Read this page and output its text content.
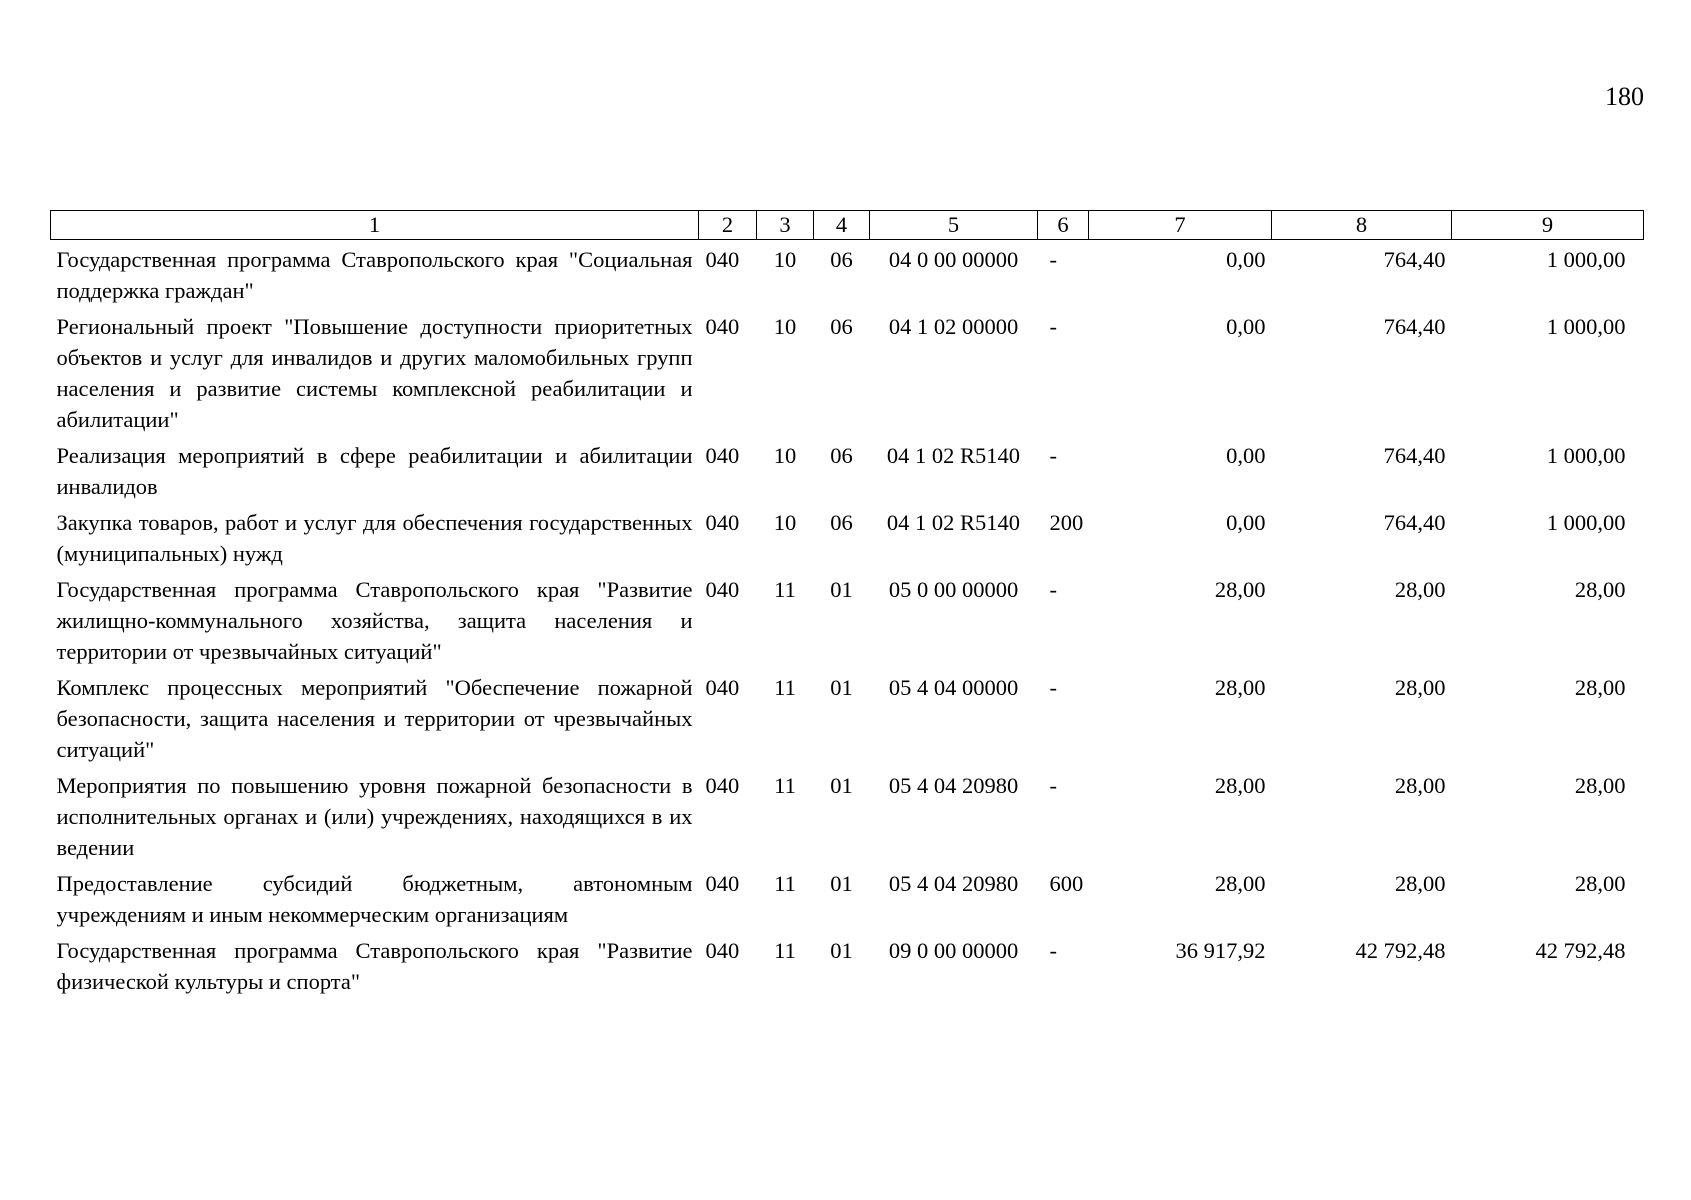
180
1	2	3	4	5	6	7	8	9
Государственная программа Ставропольского края "Социальная поддержка граждан"	040	10	06	04 0 00 00000	-	0,00	764,40	1 000,00
Региональный проект "Повышение доступности приоритетных объектов и услуг для инвалидов и других маломобильных групп населения и развитие системы комплексной реабилитации и абилитации"	040	10	06	04 1 02 00000	-	0,00	764,40	1 000,00
Реализация мероприятий в сфере реабилитации и абилитации инвалидов	040	10	06	04 1 02 R5140	-	0,00	764,40	1 000,00
Закупка товаров, работ и услуг для обеспечения государственных (муниципальных) нужд	040	10	06	04 1 02 R5140	200	0,00	764,40	1 000,00
Государственная программа Ставропольского края "Развитие жилищно-коммунального хозяйства, защита населения и территории от чрезвычайных ситуаций"	040	11	01	05 0 00 00000	-	28,00	28,00	28,00
Комплекс процессных мероприятий "Обеспечение пожарной безопасности, защита населения и территории от чрезвычайных ситуаций"	040	11	01	05 4 04 00000	-	28,00	28,00	28,00
Мероприятия по повышению уровня пожарной безопасности в исполнительных органах и (или) учреждениях, находящихся в их ведении	040	11	01	05 4 04 20980	-	28,00	28,00	28,00
Предоставление субсидий бюджетным, автономным учреждениям и иным некоммерческим организациям	040	11	01	05 4 04 20980	600	28,00	28,00	28,00
Государственная программа Ставропольского края "Развитие физической культуры и спорта"	040	11	01	09 0 00 00000	-	36 917,92	42 792,48	42 792,48
